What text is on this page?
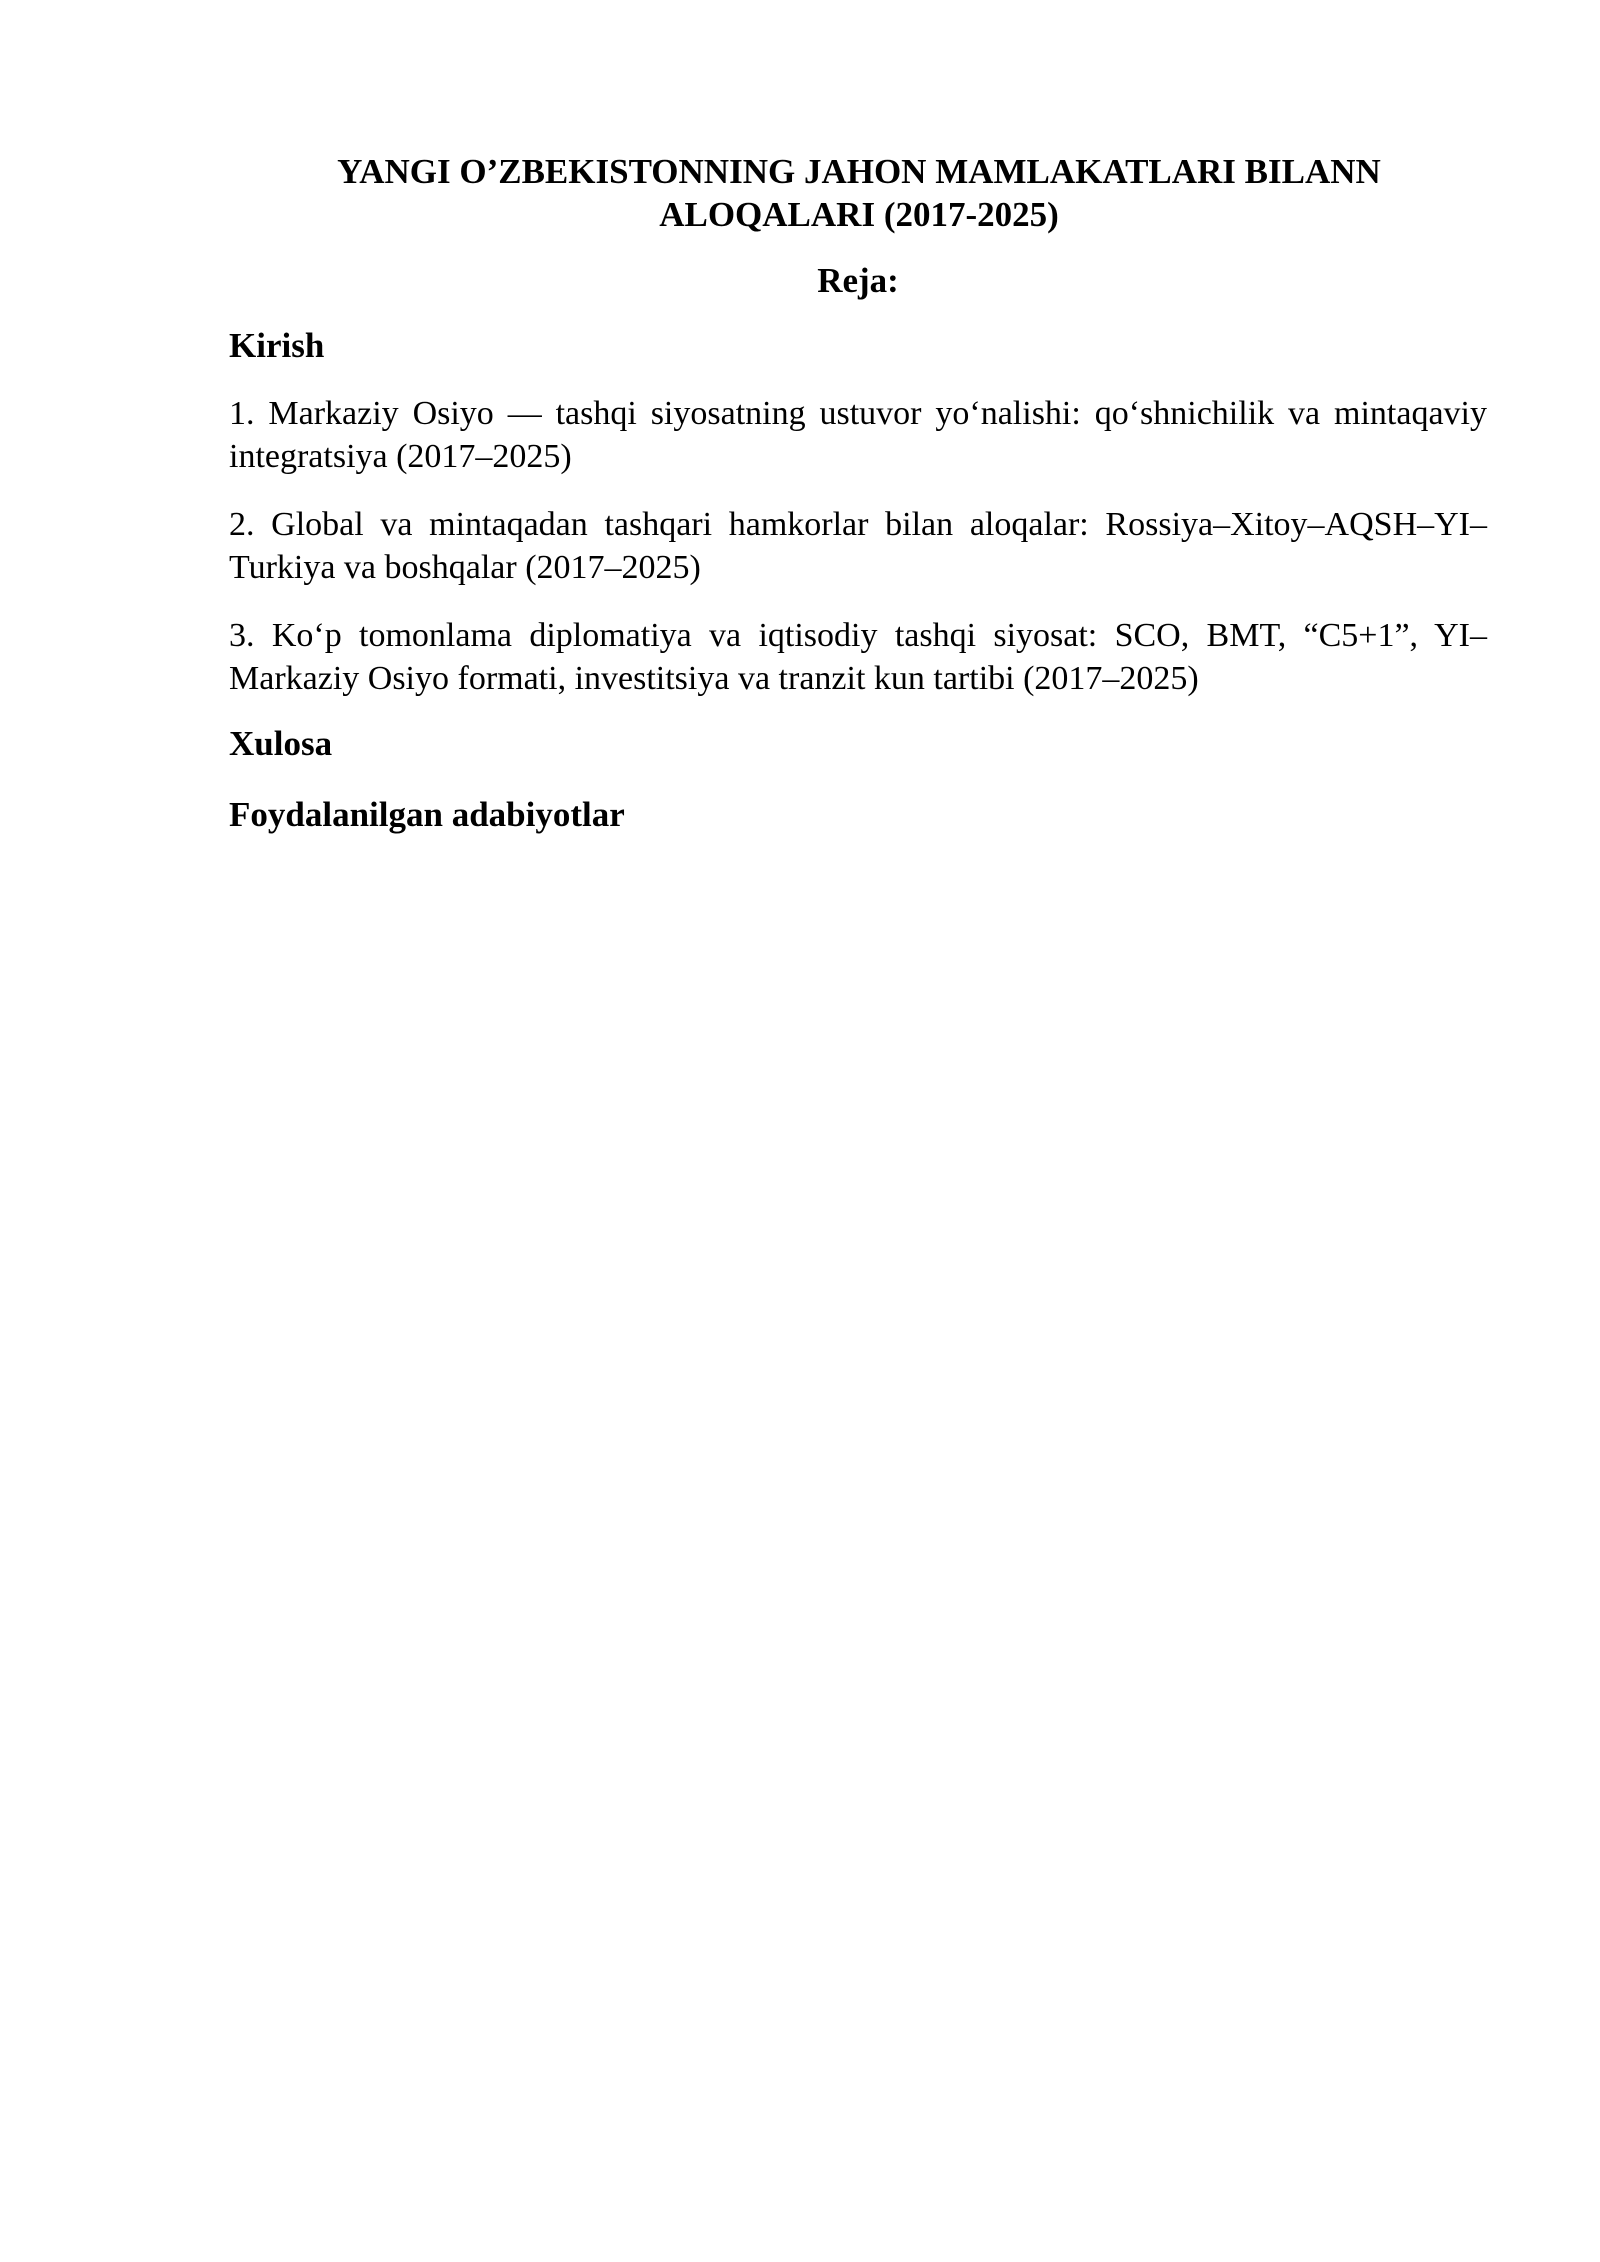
YANGI O’ZBEKISTONNING JAHON MAMLAKATLARI BILANN ALOQALARI (2017-2025)
Reja:
Kirish
1. Markaziy Osiyo — tashqi siyosatning ustuvor yo‘nalishi: qo‘shnichilik va mintaqaviy integratsiya (2017–2025)
2. Global va mintaqadan tashqari hamkorlar bilan aloqalar: Rossiya–Xitoy–AQSH–YI–Turkiya va boshqalar (2017–2025)
3. Ko‘p tomonlama diplomatiya va iqtisodiy tashqi siyosat: SCO, BMT, “C5+1”, YI–Markaziy Osiyo formati, investitsiya va tranzit kun tartibi (2017–2025)
Xulosa
Foydalanilgan adabiyotlar
